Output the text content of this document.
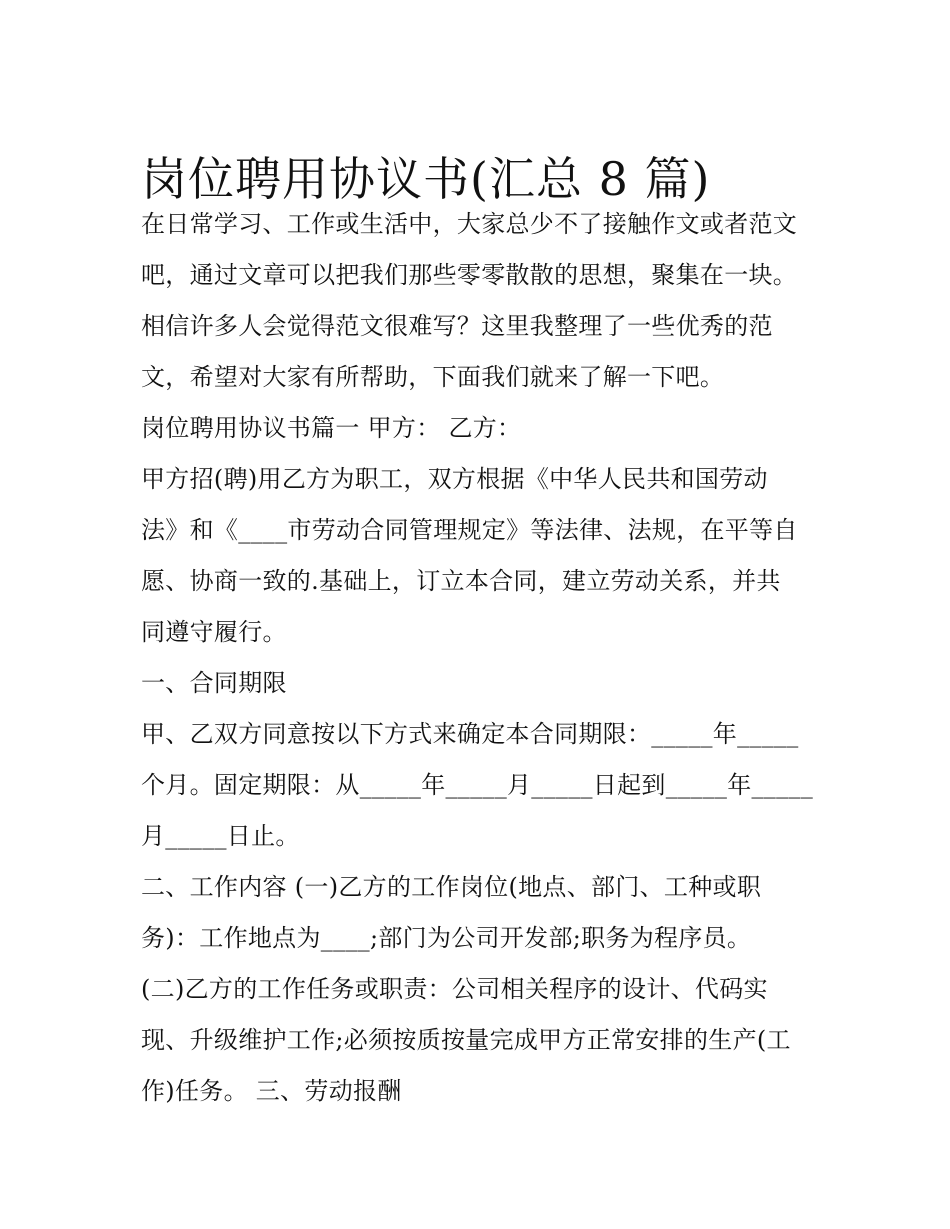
岗位聘用协议书(汇总 8 篇)
在日常学习、工作或生活中，大家总少不了接触作文或者范文
吧，通过文章可以把我们那些零零散散的思想，聚集在一块。
相信许多人会觉得范文很难写？这里我整理了一些优秀的范
文，希望对大家有所帮助，下面我们就来了解一下吧。
岗位聘用协议书篇一 甲方： 乙方：
甲方招(聘)用乙方为职工，双方根据《中华人民共和国劳动
法》和《____市劳动合同管理规定》等法律、法规，在平等自
愿、协商一致的.基础上，订立本合同，建立劳动关系，并共
同遵守履行。
一、合同期限
甲、乙双方同意按以下方式来确定本合同期限：_____年_____
个月。固定期限：从_____年_____月_____日起到_____年_____
月_____日止。
二、工作内容 (一)乙方的工作岗位(地点、部门、工种或职
务)：工作地点为____;部门为公司开发部;职务为程序员。
(二)乙方的工作任务或职责：公司相关程序的设计、代码实
现、升级维护工作;必须按质按量完成甲方正常安排的生产(工
作)任务。 三、劳动报酬
